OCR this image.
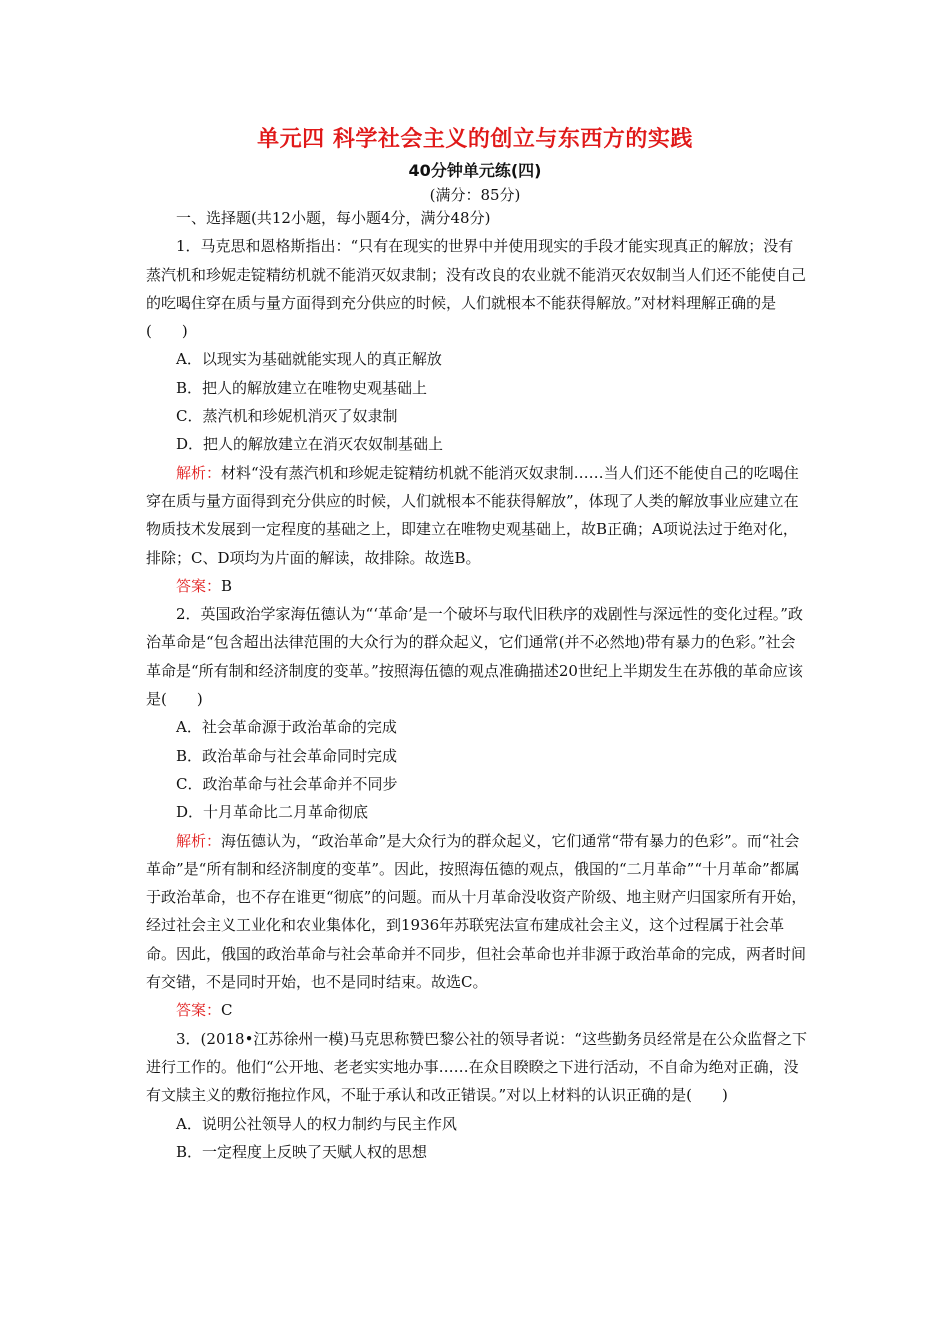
单元四 科学社会主义的创立与东西方的实践
40分钟单元练(四)
(满分：85分)

一、选择题(共12小题，每小题4分，满分48分)

1．马克思和恩格斯指出：“只有在现实的世界中并使用现实的手段才能实现真正的解放；没有蒸汽机和珍妮走锭精纺机就不能消灭奴隶制；没有改良的农业就不能消灭农奴制当人们还不能使自己的吃喝住穿在质与量方面得到充分供应的时候，人们就根本不能获得解放。”对材料理解正确的是(　　)

A．以现实为基础就能实现人的真正解放

B．把人的解放建立在唯物史观基础上

C．蒸汽机和珍妮机消灭了奴隶制

D．把人的解放建立在消灭农奴制基础上

解析：材料“没有蒸汽机和珍妮走锭精纺机就不能消灭奴隶制……当人们还不能使自己的吃喝住穿在质与量方面得到充分供应的时候，人们就根本不能获得解放”，体现了人类的解放事业应建立在物质技术发展到一定程度的基础之上，即建立在唯物史观基础上，故B正确；A项说法过于绝对化，排除；C、D项均为片面的解读，故排除。故选B。

答案：B

2．英国政治学家海伍德认为“‘革命’是一个破坏与取代旧秩序的戏剧性与深远性的变化过程。”政治革命是“包含超出法律范围的大众行为的群众起义，它们通常(并不必然地)带有暴力的色彩。”社会革命是“所有制和经济制度的变革。”按照海伍德的观点准确描述20世纪上半期发生在苏俄的革命应该是(　　)

A．社会革命源于政治革命的完成

B．政治革命与社会革命同时完成

C．政治革命与社会革命并不同步

D．十月革命比二月革命彻底

解析：海伍德认为，“政治革命”是大众行为的群众起义，它们通常“带有暴力的色彩”。而“社会革命”是“所有制和经济制度的变革”。因此，按照海伍德的观点，俄国的“二月革命”“十月革命”都属于政治革命，也不存在谁更“彻底”的问题。而从十月革命没收资产阶级、地主财产归国家所有开始，经过社会主义工业化和农业集体化，到1936年苏联宪法宣布建成社会主义，这个过程属于社会革命。因此，俄国的政治革命与社会革命并不同步，但社会革命也并非源于政治革命的完成，两者时间有交错，不是同时开始，也不是同时结束。故选C。

答案：C

3．(2018•江苏徐州一模)马克思称赞巴黎公社的领导者说：“这些勤务员经常是在公众监督之下进行工作的。他们“公开地、老老实实地办事……在众目睽睽之下进行活动，不自命为绝对正确，没有文牍主义的敷衍拖拉作风，不耻于承认和改正错误。”对以上材料的认识正确的是(　　)

A．说明公社领导人的权力制约与民主作风

B．一定程度上反映了天赋人权的思想
